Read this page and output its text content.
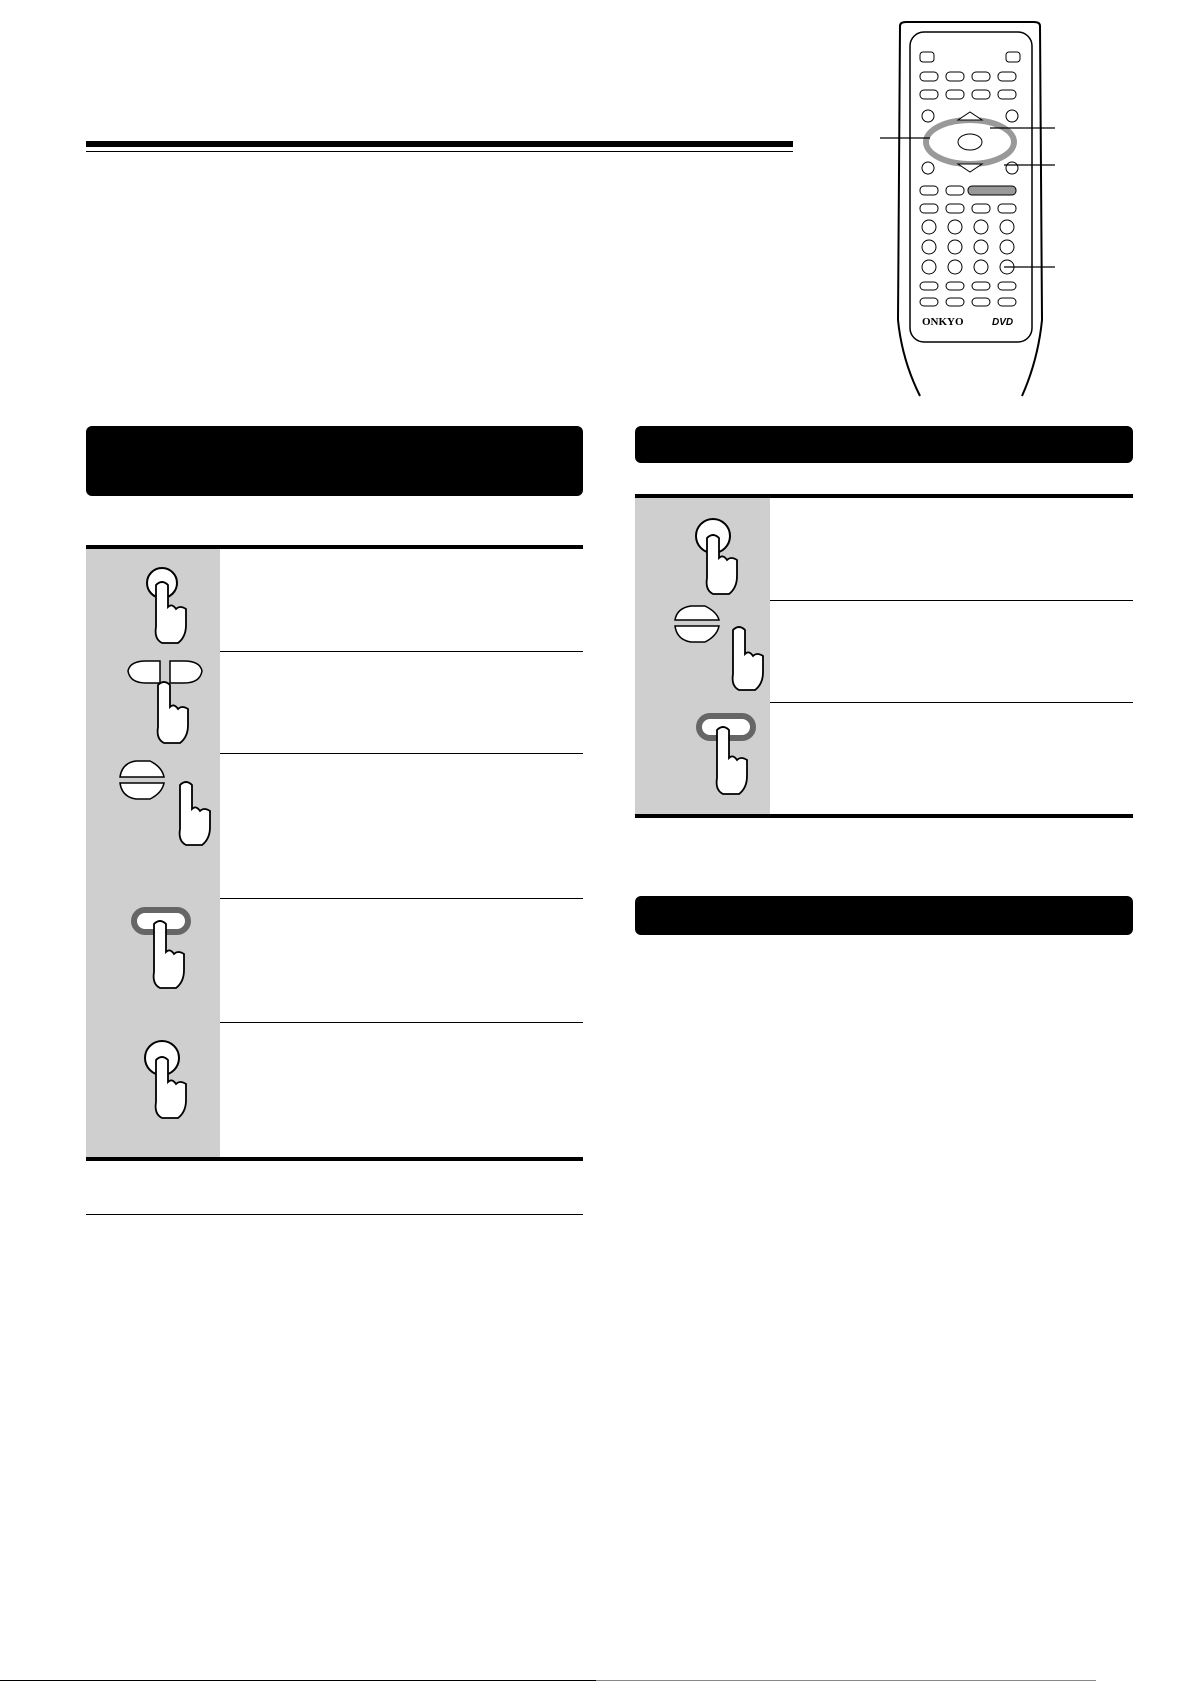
ONKYO	DVD
